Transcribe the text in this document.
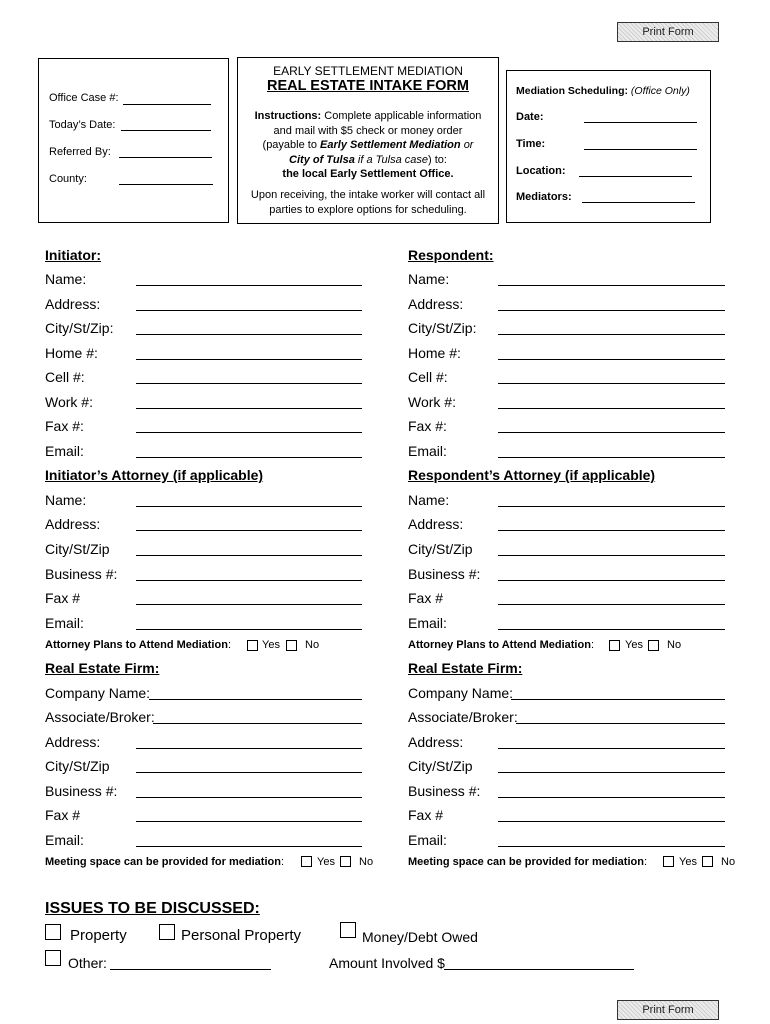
Print Form
Print Form
Office Case #:
Today’s Date:
Referred By:
County:
EARLY SETTLEMENT MEDIATION
REAL ESTATE INTAKE FORM
Instructions: Complete applicable information
and mail with $5 check or money order
(payable to Early Settlement Mediation or
City of Tulsa if a Tulsa case) to:
the local Early Settlement Office.
Upon receiving, the intake worker will contact all
parties to explore options for scheduling.
Mediation Scheduling: (Office Only)
Date:
Time:
Location:
Mediators:
Initiator:
Name:
Address:
City/St/Zip:
Home #:
Cell #:
Work #:
Fax #:
Email:
Initiator’s Attorney (if applicable)
Name:
Address:
City/St/Zip
Business #:
Fax #
Email:
Attorney Plans to Attend Mediation:	Yes No
Real Estate Firm:
Company Name:
Associate/Broker:
Address:
City/St/Zip
Business #:
Fax #
Email:
Meeting space can be provided for mediation:	Yes No
Respondent:
Name:
Address:
City/St/Zip:
Home #:
Cell #:
Work #:
Fax #:
Email:
Respondent’s Attorney (if applicable)
Name:
Address:
City/St/Zip
Business #:
Fax #
Email:
Attorney Plans to Attend Mediation:	Yes No
Real Estate Firm:
Company Name:
Associate/Broker:
Address:
City/St/Zip
Business #:
Fax #
Email:
Meeting space can be provided for mediation:	Yes No
ISSUES TO BE DISCUSSED:
Property	Personal Property	Money/Debt Owed
Other:	Amount Involved $
